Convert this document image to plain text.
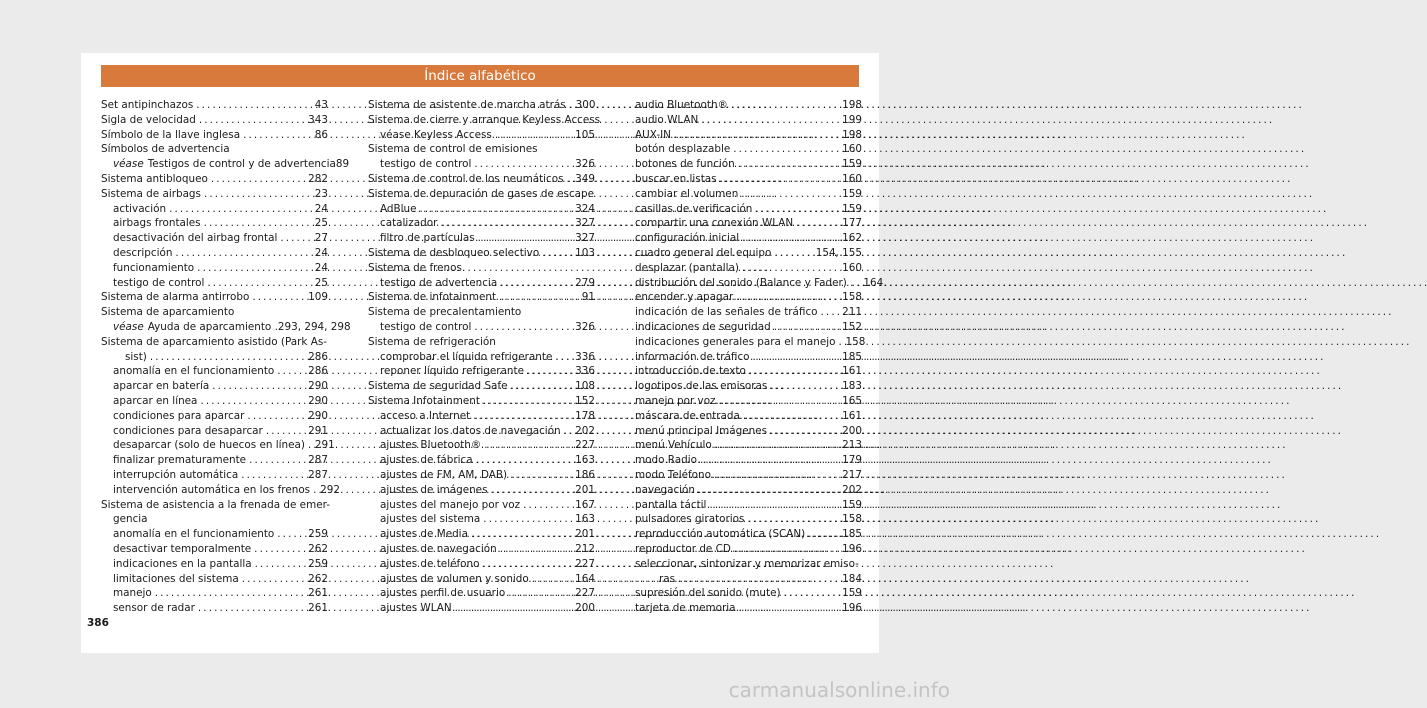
Índice alfabético
Set antipinchazos . . .	43
Sigla de velocidad . . .	343
Símbolo de la llave inglesa . . .	86
Símbolos de advertencia
véase Testigos de control y de advertencia 89
Sistema antibloqueo . . .	282
Sistema de airbags . . .	23
activación . . .	24
airbags frontales . . .	25
desactivación del airbag frontal . . .	27
descripción . . .	24
funcionamiento . . .	24
testigo de control . . .	25
Sistema de alarma antirrobo . . .	109
Sistema de aparcamiento
véase Ayuda de aparcamiento . 293, 294, 298
Sistema de aparcamiento asistido (Park As-
sist) . . .	286
anomalía en el funcionamiento . . .	286
aparcar en batería . . .	290
aparcar en línea . . .	290
condiciones para aparcar . . .	290
condiciones para desaparcar . . .	291
desaparcar (solo de huecos en línea) . . . 291
finalizar prematuramente . . .	287
interrupción automática . . .	287
intervención automática en los frenos . . . 292
Sistema de asistencia a la frenada de emer-
gencia
anomalía en el funcionamiento . . .	259
desactivar temporalmente . . .	262
indicaciones en la pantalla . . .	259
limitaciones del sistema . . .	262
manejo . . .	261
sensor de radar . . .	261
Sistema de asistente de marcha atrás . . . 300
Sistema de cierre y arranque Keyless Access
véase Keyless Access . . .	105
Sistema de control de emisiones
testigo de control . . .	326
Sistema de control de los neumáticos . . . 349
Sistema de depuración de gases de escape
AdBlue . . .	324
catalizador . . .	327
filtro de partículas . . .	327
Sistema de desbloqueo selectivo . . .	103
Sistema de frenos
testigo de advertencia . . .	279
Sistema de infotainment . . .	91
Sistema de precalentamiento
testigo de control . . .	326
Sistema de refrigeración
comprobar el líquido refrigerante . . . 336
reponer líquido refrigerante . . .	336
Sistema de seguridad Safe . . .	108
Sistema Infotainment . . .	152
acceso a Internet . . .	178
actualizar los datos de navegación . . . 202
ajustes Bluetooth® . . .	227
ajustes de fábrica . . .	163
ajustes de FM, AM, DAB) . . .	186
ajustes de imágenes . . .	201
ajustes del manejo por voz . . .	167
ajustes del sistema . . .	163
ajustes de Media . . .	201
ajustes de navegación . . .	212
ajustes de teléfono . . .	227
ajustes de volumen y sonido . . .	164
ajustes perfil de usuario . . .	227
ajustes WLAN . . .	200
audio Bluetooth® . . .	198
audio WLAN . . .	199
AUX-IN . . .	198
botón desplazable . . .	160
botones de función . . .	159
buscar en listas . . .	160
cambiar el volumen . . .	159
casillas de verificación . . .	159
compartir una conexión WLAN . . .	177
configuración inicial . . .	162
cuadro general del equipo . . .	154, 155
desplazar (pantalla) . . .	160
distribución del sonido (Balance y Fader) . . . . 164
encender y apagar . . .	158
indicación de las señales de tráfico . . . 211
indicaciones de seguridad . . .	152
indicaciones generales para el manejo . . . 158
información de tráfico . . .	185
introducción de texto . . .	161
logotipos de las emisoras . . .	183
manejo por voz . . .	165
máscara de entrada . . .	161
menú principal Imágenes . . .	200
menú Vehículo . . .	213
modo Radio . . .	179
modo Teléfono . . .	217
navegación . . .	202
pantalla táctil . . .	159
pulsadores giratorios . . .	158
reproducción automática (SCAN) . . .	185
reproductor de CD . . .	196
seleccionar, sintonizar y memorizar emiso-
ras . . .	184
supresión del sonido (mute) . . .	159
tarjeta de memoria . . .	196
386
carmanualsonline.info
